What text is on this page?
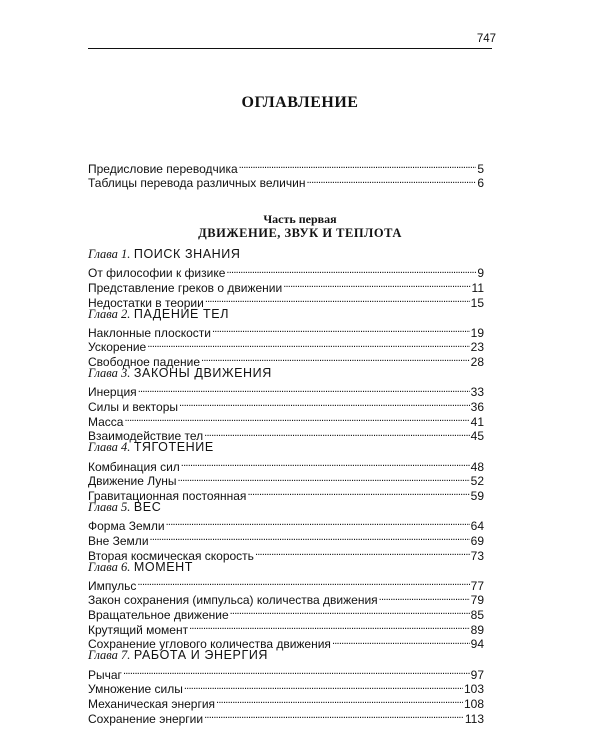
747
ОГЛАВЛЕНИЕ
Предисловие переводчика . . .	5
Таблицы перевода различных величин . . .	6
Часть первая
ДВИЖЕНИЕ, ЗВУК И ТЕПЛОТА
Глава 1. ПОИСК ЗНАНИЯ
От философии к физике . . .	9
Представление греков о движении . . .	11
Недостатки в теории . . .	15
Глава 2. ПАДЕНИЕ ТЕЛ
Наклонные плоскости . . .	19
Ускорение . . .	23
Свободное падение . . .	28
Глава 3. ЗАКОНЫ ДВИЖЕНИЯ
Инерция . . .	33
Силы и векторы . . .	36
Масса . . .	41
Взаимодействие тел . . .	45
Глава 4. ТЯГОТЕНИЕ
Комбинация сил . . .	48
Движение Луны . . .	52
Гравитационная постоянная . . .	59
Глава 5. ВЕС
Форма Земли . . .	64
Вне Земли . . .	69
Вторая космическая скорость . . .	73
Глава 6. МОМЕНТ
Импульс . . .	77
Закон сохранения (импульса) количества движения . . .	79
Вращательное движение . . .	85
Крутящий момент . . .	89
Сохранение углового количества движения . . .	94
Глава 7. РАБОТА И ЭНЕРГИЯ
Рычаг . . .	97
Умножение силы . . .	103
Механическая энергия . . .	108
Сохранение энергии . . .	113
